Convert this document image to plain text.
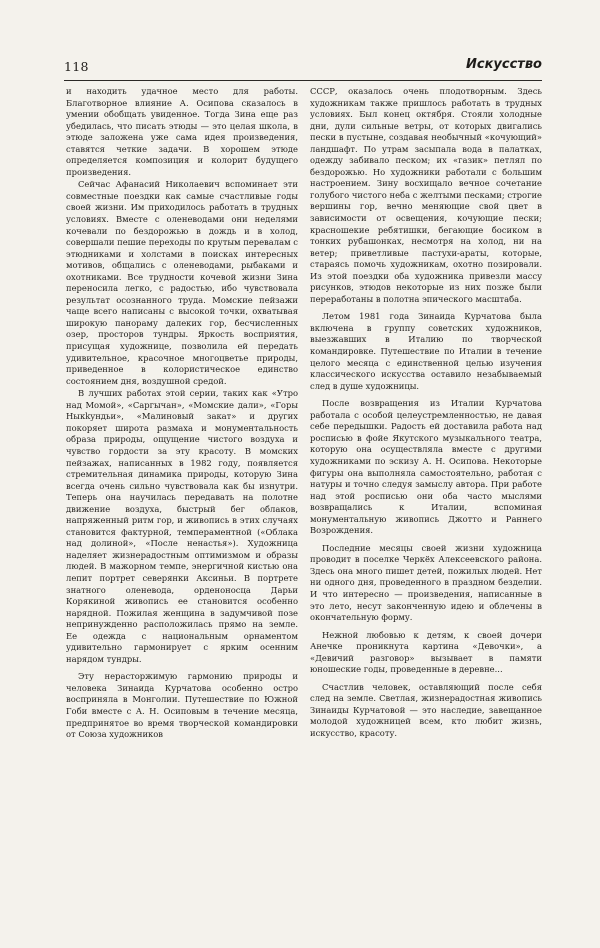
118	Искусство

и находить удачное место для работы. Благотворное влияние А. Осипова сказалось в умении обобщать увиденное. Тогда Зина еще раз убедилась, что писать этюды — это целая школа, в этюде заложена уже сама идея произведения, ставятся четкие задачи. В хорошем этюде определяется композиция и колорит будущего произведения.

Сейчас Афанасий Николаевич вспоминает эти совместные поездки как самые счастливые годы своей жизни. Им приходилось работать в трудных условиях. Вместе с оленеводами они неделями кочевали по бездорожью в дождь и в холод, совершали пешие переходы по крутым перевалам с этюдниками и холстами в поисках интересных мотивов, общались с оленеводами, рыбаками и охотниками. Все трудности кочевой жизни Зина переносила легко, с радостью, ибо чувствовала результат осознанного труда. Момские пейзажи чаще всего написаны с высокой точки, охватывая широкую панораму далеких гор, бесчисленных озер, просторов тундры. Яркость восприятия, присущая художнице, позволила ей передать удивительное, красочное многоцветье природы, приведенное в колористическое единство состоянием дня, воздушной средой.

В лучших работах этой серии, таких как «Утро над Момой», «Саргычан», «Момские дали», «Горы Ныкkундьи», «Малиновый закат» и других покоряет широта размаха и монументальность образа природы, ощущение чистого воздуха и чувство гордости за эту красоту. В момских пейзажах, написанных в 1982 году, появляется стремительная динамика природы, которую Зина всегда очень сильно чувствовала как бы изнутри. Теперь она научилась передавать на полотне движение воздуха, быстрый бег облаков, напряженный ритм гор, и живопись в этих случаях становится фактурной, темпераментной («Облака над долиной», «После ненастья»). Художница наделяет жизнерадостным оптимизмом и образы людей. В мажорном темпе, энергичной кистью она лепит портрет северянки Аксиньи. В портрете знатного оленевода, орденоносца Дарьи Корякиной живопись ее становится особенно нарядной. Пожилая женщина в задумчивой позе непринужденно расположилась прямо на земле. Ее одежда с национальным орнаментом удивительно гармонирует с ярким осенним нарядом тундры.

Эту нерасторжимую гармонию природы и человека Зинаида Курчатова особенно остро восприняла в Монголии. Путешествие по Южной Гоби вместе с А. Н. Осиповым в течение месяца, предпринятое во время творческой командировки от Союза художников

СССР, оказалось очень плодотворным. Здесь художникам также пришлось работать в трудных условиях. Был конец октября. Стояли холодные дни, дули сильные ветры, от которых двигались пески в пустыне, создавая необычный «кочующий» ландшафт. По утрам засыпала вода в палатках, одежду забивало песком; их «газик» петлял по бездорожью. Но художники работали с большим настроением. Зину восхищало вечное сочетание голубого чистого неба с желтыми песками; строгие вершины гор, вечно меняющие свой цвет в зависимости от освещения, кочующие пески; красношекие ребятишки, бегающие босиком в тонких рубашонках, несмотря на холод, ни на ветер; приветливые пастухи-араты, которые, стараясь помочь художникам, охотно позировали. Из этой поездки оба художника привезли массу рисунков, этюдов некоторые из них позже были переработаны в полотна эпического масштаба.

Летом 1981 года Зинаида Курчатова была включена в группу советских художников, выезжавших в Италию по творческой командировке. Путешествие по Италии в течение целого месяца с единственной целью изучения классического искусства оставило незабываемый след в душе художницы.

После возвращения из Италии Курчатова работала с особой целеустремленностью, не давая себе передышки. Радость ей доставила работа над росписью в фойе Якутского музыкального театра, которую она осуществляла вместе с другими художниками по эскизу А. Н. Осипова. Некоторые фигуры она выполняла самостоятельно, работая с натуры и точно следуя замыслу автора. При работе над этой росписью они оба часто мыслями возвращались к Италии, вспоминая монументальную живопись Джотто и Раннего Возрождения.

Последние месяцы своей жизни художница проводит в поселке Черкёх Алексеевского района. Здесь она много пишет детей, пожилых людей. Нет ни одного дня, проведенного в праздном безделии. И что интересно — произведения, написанные в это лето, несут законченную идею и облечены в окончательную форму.

Нежной любовью к детям, к своей дочери Анечке проникнута картина «Девочки», а «Девичий разговор» вызывает в памяти юношеские годы, проведенные в деревне...

Счастлив человек, оставляющий после себя след на земле. Светлая, жизнерадостная живопись Зинаиды Курчатовой — это наследие, завещанное молодой художницей всем, кто любит жизнь, искусство, красоту.
